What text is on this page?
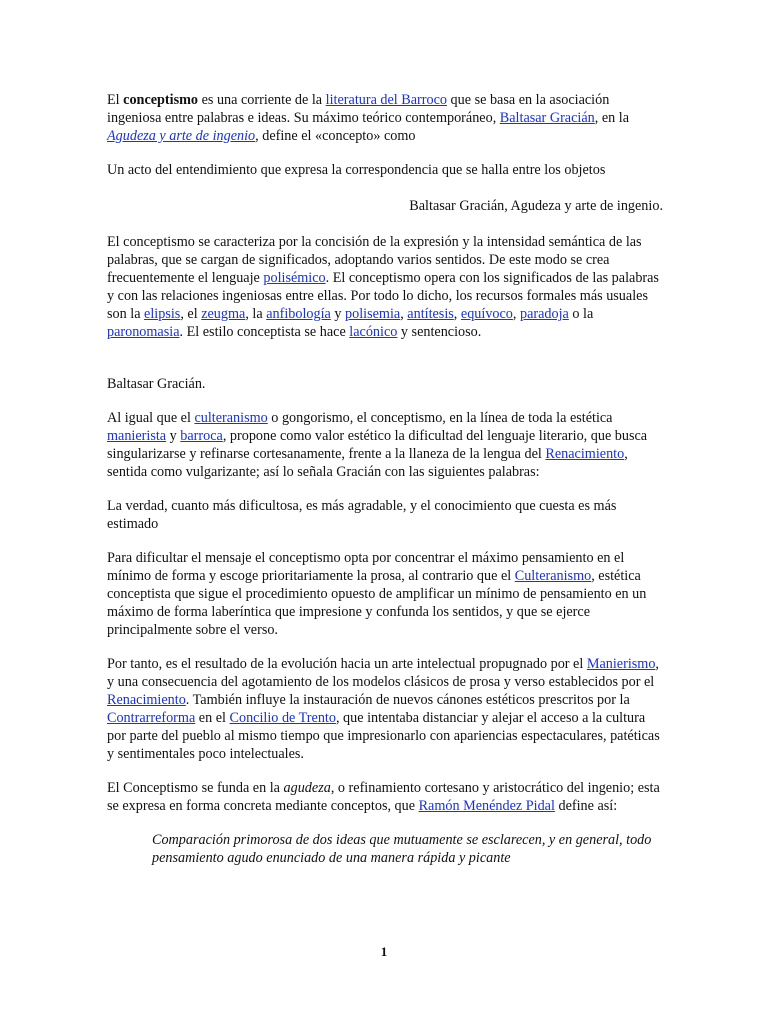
El conceptismo es una corriente de la literatura del Barroco que se basa en la asociación ingeniosa entre palabras e ideas. Su máximo teórico contemporáneo, Baltasar Gracián, en la Agudeza y arte de ingenio, define el «concepto» como

Un acto del entendimiento que expresa la correspondencia que se halla entre los objetos

Baltasar Gracián, Agudeza y arte de ingenio.

El conceptismo se caracteriza por la concisión de la expresión y la intensidad semántica de las palabras, que se cargan de significados, adoptando varios sentidos. De este modo se crea frecuentemente el lenguaje polisémico. El conceptismo opera con los significados de las palabras y con las relaciones ingeniosas entre ellas. Por todo lo dicho, los recursos formales más usuales son la elipsis, el zeugma, la anfibología y polisemia, antítesis, equívoco, paradoja o la paronomasia. El estilo conceptista se hace lacónico y sentencioso.

Baltasar Gracián.

Al igual que el culteranismo o gongorismo, el conceptismo, en la línea de toda la estética manierista y barroca, propone como valor estético la dificultad del lenguaje literario, que busca singularizarse y refinarse cortesanamente, frente a la llaneza de la lengua del Renacimiento, sentida como vulgarizante; así lo señala Gracián con las siguientes palabras:

La verdad, cuanto más dificultosa, es más agradable, y el conocimiento que cuesta es más estimado

Para dificultar el mensaje el conceptismo opta por concentrar el máximo pensamiento en el mínimo de forma y escoge prioritariamente la prosa, al contrario que el Culteranismo, estética conceptista que sigue el procedimiento opuesto de amplificar un mínimo de pensamiento en un máximo de forma laberíntica que impresione y confunda los sentidos, y que se ejerce principalmente sobre el verso.

Por tanto, es el resultado de la evolución hacia un arte intelectual propugnado por el Manierismo, y una consecuencia del agotamiento de los modelos clásicos de prosa y verso establecidos por el Renacimiento. También influye la instauración de nuevos cánones estéticos prescritos por la Contrarreforma en el Concilio de Trento, que intentaba distanciar y alejar el acceso a la cultura por parte del pueblo al mismo tiempo que impresionarlo con apariencias espectaculares, patéticas y sentimentales poco intelectuales.

El Conceptismo se funda en la agudeza, o refinamiento cortesano y aristocrático del ingenio; esta se expresa en forma concreta mediante conceptos, que Ramón Menéndez Pidal define así:

Comparación primorosa de dos ideas que mutuamente se esclarecen, y en general, todo pensamiento agudo enunciado de una manera rápida y picante
1
